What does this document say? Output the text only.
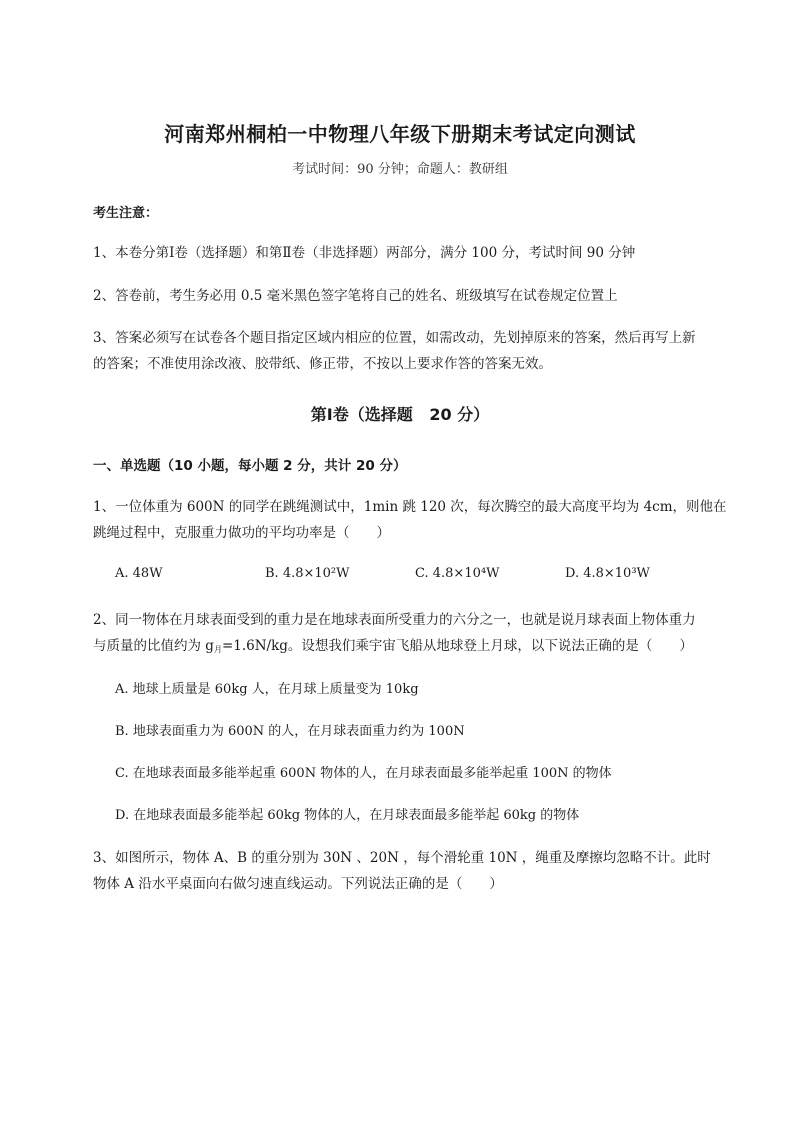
河南郑州桐柏一中物理八年级下册期末考试定向测试
考试时间：90 分钟；命题人：教研组
考生注意：
1、本卷分第Ⅰ卷（选择题）和第Ⅱ卷（非选择题）两部分，满分 100 分，考试时间 90 分钟
2、答卷前，考生务必用 0.5 毫米黑色签字笔将自己的姓名、班级填写在试卷规定位置上
3、答案必须写在试卷各个题目指定区域内相应的位置，如需改动，先划掉原来的答案，然后再写上新
的答案；不准使用涂改液、胶带纸、修正带，不按以上要求作答的答案无效。
第Ⅰ卷（选择题   20 分）
一、单选题（10 小题，每小题 2 分，共计 20 分）
1、一位体重为 600N 的同学在跳绳测试中，1min 跳 120 次，每次腾空的最大高度平均为 4cm，则他在
跳绳过程中，克服重力做功的平均功率是（　　）
A. 48W	B. 4.8×10²W	C. 4.8×10⁴W	D. 4.8×10³W
2、同一物体在月球表面受到的重力是在地球表面所受重力的六分之一，也就是说月球表面上物体重力
与质量的比值约为 $g_月=1.6N/kg$。设想我们乘宇宙飞船从地球登上月球，以下说法正确的是（　　）
A. 地球上质量是 60kg 人，在月球上质量变为 10kg
B. 地球表面重力为 600N 的人，在月球表面重力约为 100N
C. 在地球表面最多能举起重 600N 物体的人，在月球表面最多能举起重 100N 的物体
D. 在地球表面最多能举起 60kg 物体的人，在月球表面最多能举起 60kg 的物体
3、如图所示，物体 A、B 的重分别为 30N 、20N ，每个滑轮重 10N ，绳重及摩擦均忽略不计。此时
物体 A 沿水平桌面向右做匀速直线运动。下列说法正确的是（　　）
